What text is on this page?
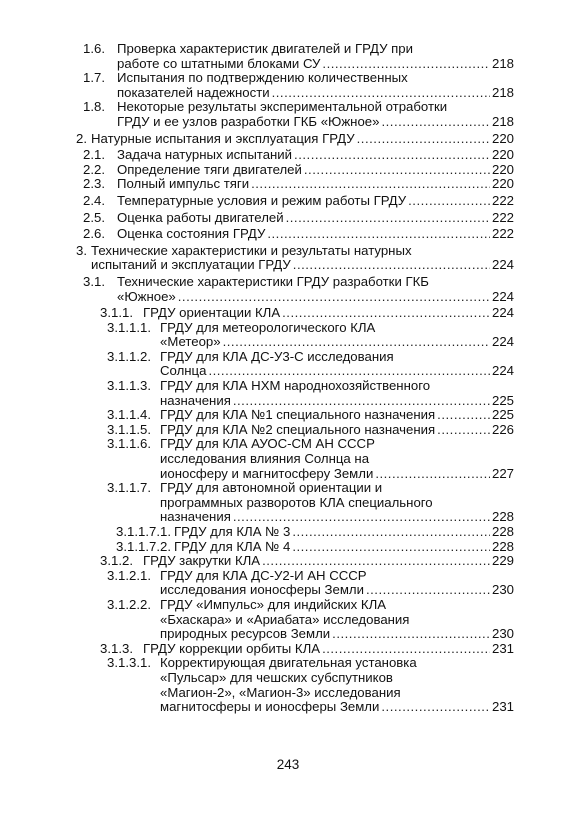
1.6. Проверка характеристик двигателей и ГРДУ при
работе со штатными блоками СУ .....	218
1.7. Испытания по подтверждению количественных
показателей надежности .....	218
1.8. Некоторые результаты экспериментальной отработки
ГРДУ и ее узлов разработки ГКБ «Южное» .....	218
2. Натурные испытания и эксплуатация ГРДУ .....	220
2.1. Задача натурных испытаний .....	220
2.2. Определение тяги двигателей .....	220
2.3. Полный импульс тяги .....	220
2.4. Температурные условия и режим работы ГРДУ .....	222
2.5. Оценка работы двигателей .....	222
2.6. Оценка состояния ГРДУ .....	222
3. Технические характеристики и результаты натурных
испытаний и эксплуатации ГРДУ .....	224
3.1. Технические характеристики ГРДУ разработки ГКБ
«Южное» .....	224
3.1.1. ГРДУ ориентации КЛА .....	224
3.1.1.1. ГРДУ для метеорологического КЛА
«Метеор» .....	224
3.1.1.2. ГРДУ для КЛА ДС-У3-С исследования
Солнца .....	224
3.1.1.3. ГРДУ для КЛА НХМ народнохозяйственного
назначения .....	225
3.1.1.4. ГРДУ для КЛА №1 специального назначения .....	225
3.1.1.5. ГРДУ для КЛА №2 специального назначения .....	226
3.1.1.6. ГРДУ для КЛА АУОС-СМ АН СССР
исследования влияния Солнца на
ионосферу и магнитосферу Земли .....	227
3.1.1.7. ГРДУ для автономной ориентации и
программных разворотов КЛА специального
назначения .....	228
3.1.1.7.1. ГРДУ для КЛА № 3 .....	228
3.1.1.7.2. ГРДУ для КЛА № 4 .....	228
3.1.2. ГРДУ закрутки КЛА .....	229
3.1.2.1. ГРДУ для КЛА ДС-У2-И АН СССР
исследования ионосферы Земли .....	230
3.1.2.2. ГРДУ «Импульс» для индийских КЛА
«Бхаскара» и «Ариабата» исследования
природных ресурсов Земли .....	230
3.1.3. ГРДУ коррекции орбиты КЛА .....	231
3.1.3.1. Корректирующая двигательная установка
«Пульсар» для чешских субспутников
«Магион-2», «Магион-3» исследования
магнитосферы и ионосферы Земли .....	231
243
